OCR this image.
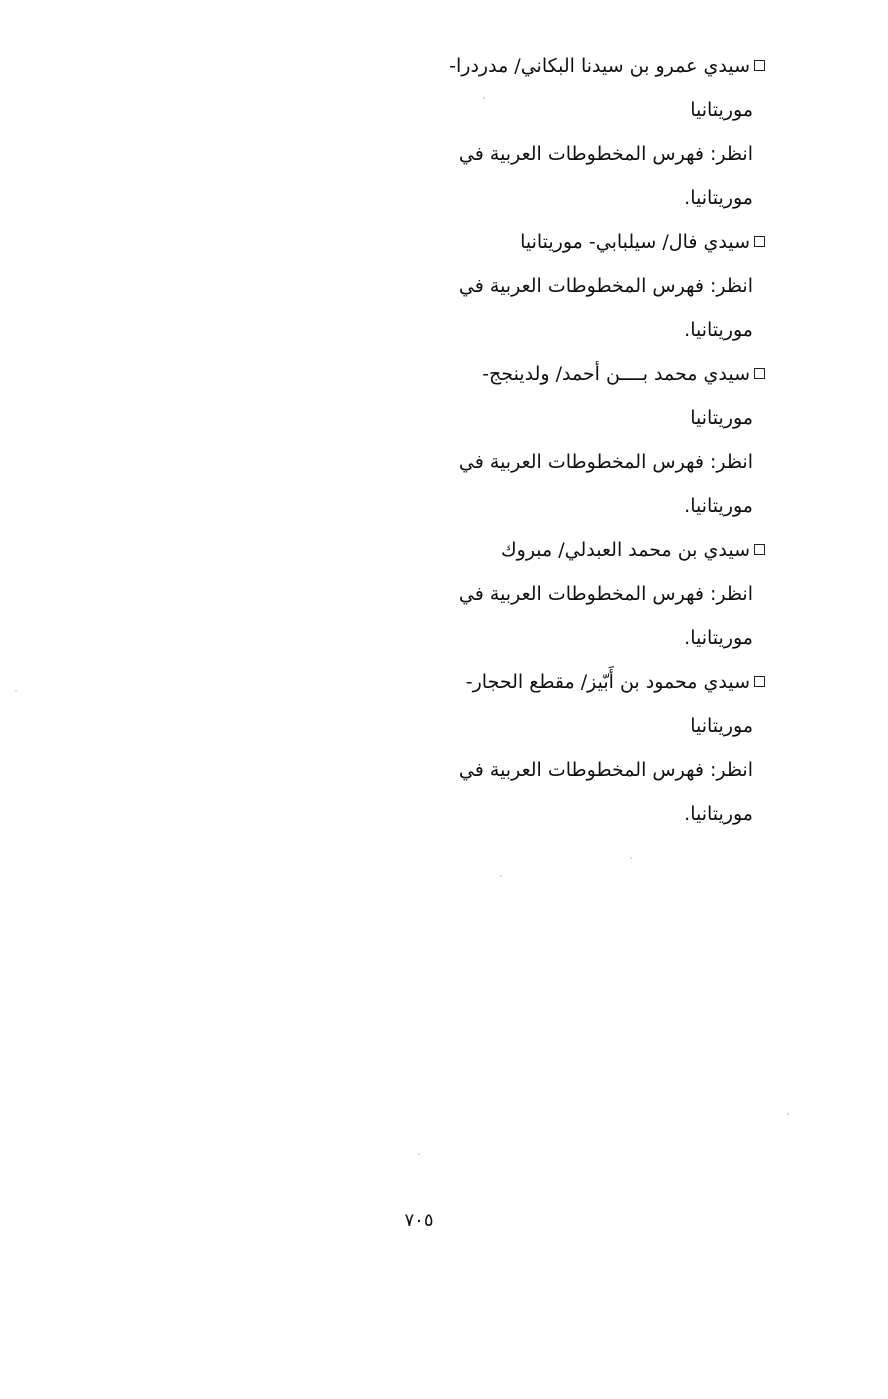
سيدي عمرو بن سيدنا البكاني/ مدردرا-
موريتانيا
انظر: فهرس المخطوطات العربية في
موريتانيا.
سيدي فال/ سيلبابي- موريتانيا
انظر: فهرس المخطوطات العربية في
موريتانيا.
سيدي محمد بــــن أحمد/ ولدينجج-
موريتانيا
انظر: فهرس المخطوطات العربية في
موريتانيا.
سيدي بن محمد العبدلي/ مبروك
انظر: فهرس المخطوطات العربية في
موريتانيا.
سيدي محمود بن أَبّيز/ مقطع الحجار-
موريتانيا
انظر: فهرس المخطوطات العربية في
موريتانيا.
٧٠٥
